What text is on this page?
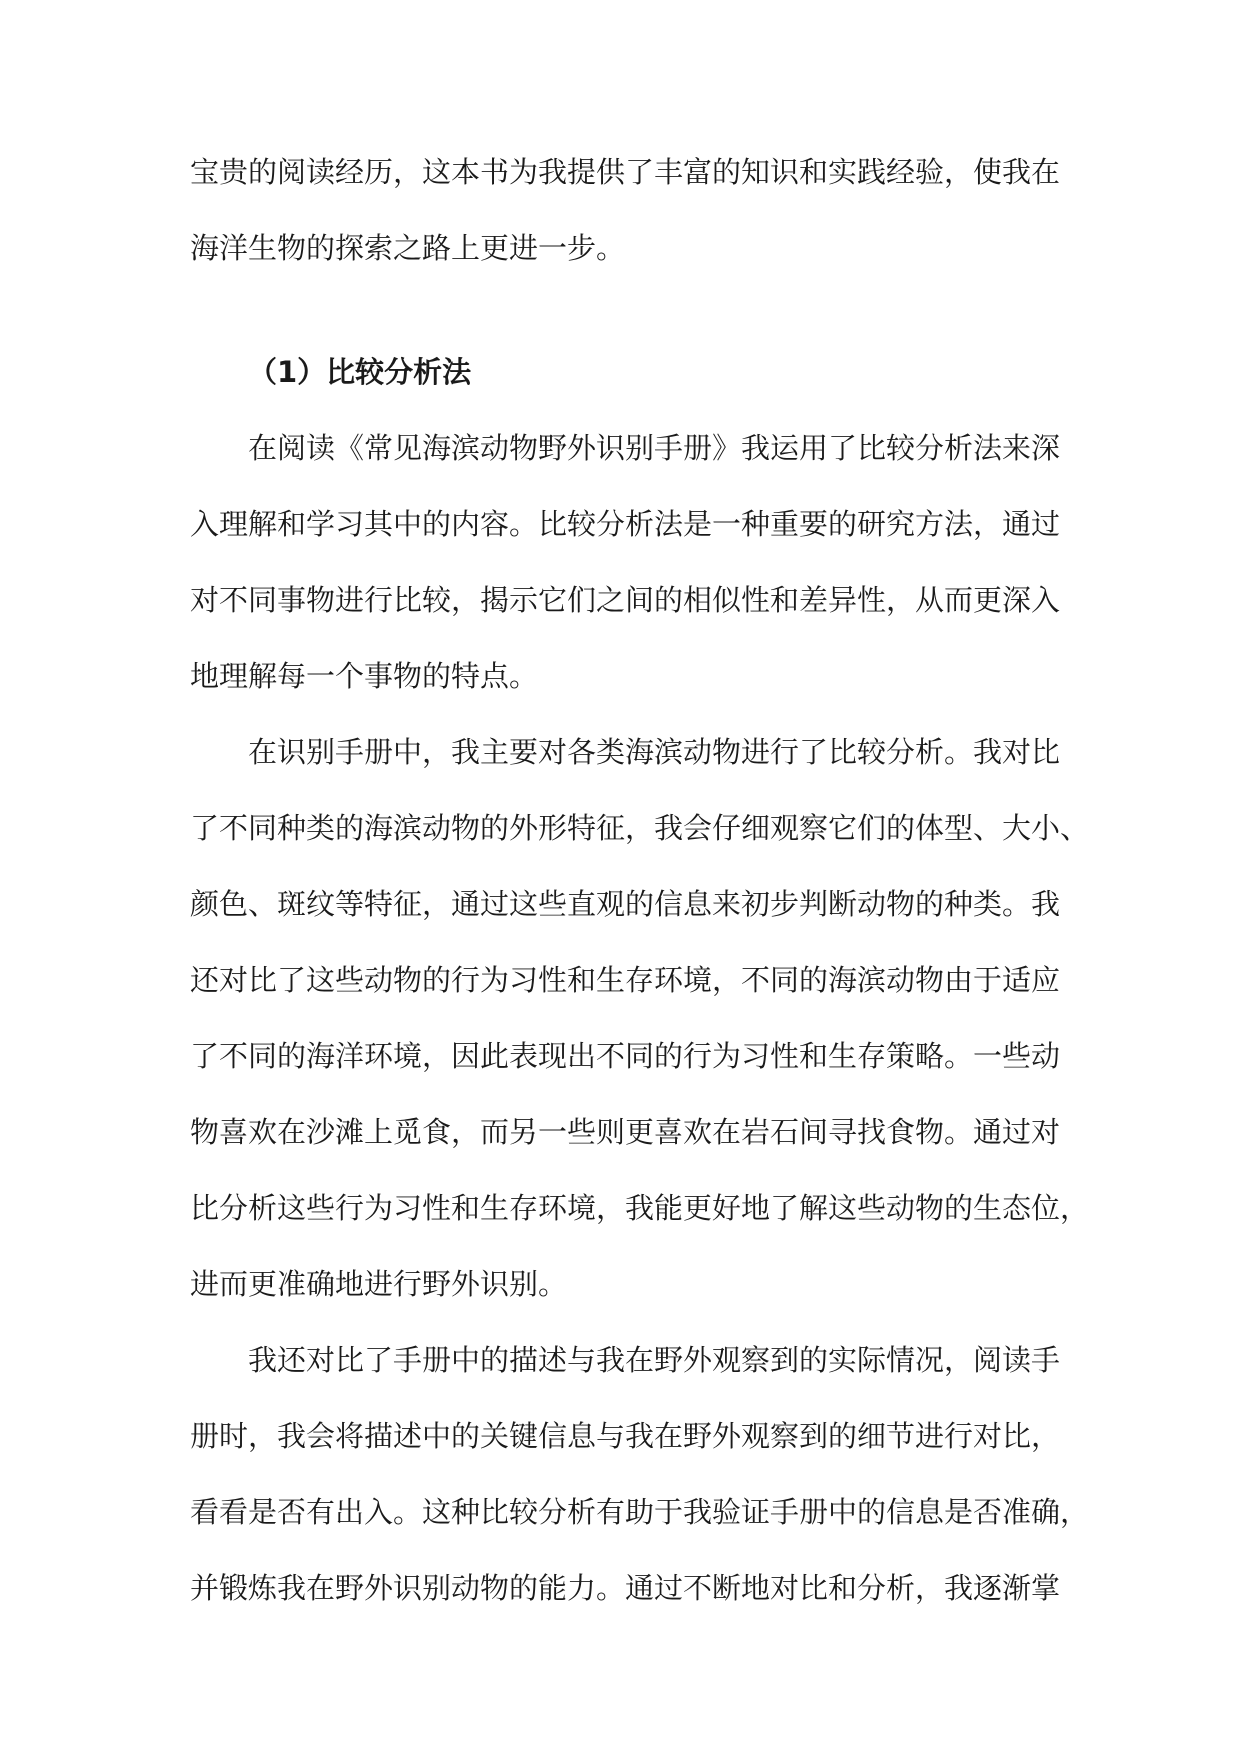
宝贵的阅读经历，这本书为我提供了丰富的知识和实践经验，使我在
海洋生物的探索之路上更进一步。
（1）比较分析法
在阅读《常见海滨动物野外识别手册》我运用了比较分析法来深
入理解和学习其中的内容。比较分析法是一种重要的研究方法，通过
对不同事物进行比较，揭示它们之间的相似性和差异性，从而更深入
地理解每一个事物的特点。
在识别手册中，我主要对各类海滨动物进行了比较分析。我对比
了不同种类的海滨动物的外形特征，我会仔细观察它们的体型、大小、
颜色、斑纹等特征，通过这些直观的信息来初步判断动物的种类。我
还对比了这些动物的行为习性和生存环境，不同的海滨动物由于适应
了不同的海洋环境，因此表现出不同的行为习性和生存策略。一些动
物喜欢在沙滩上觅食，而另一些则更喜欢在岩石间寻找食物。通过对
比分析这些行为习性和生存环境，我能更好地了解这些动物的生态位，
进而更准确地进行野外识别。
我还对比了手册中的描述与我在野外观察到的实际情况，阅读手
册时，我会将描述中的关键信息与我在野外观察到的细节进行对比，
看看是否有出入。这种比较分析有助于我验证手册中的信息是否准确，
并锻炼我在野外识别动物的能力。通过不断地对比和分析，我逐渐掌
